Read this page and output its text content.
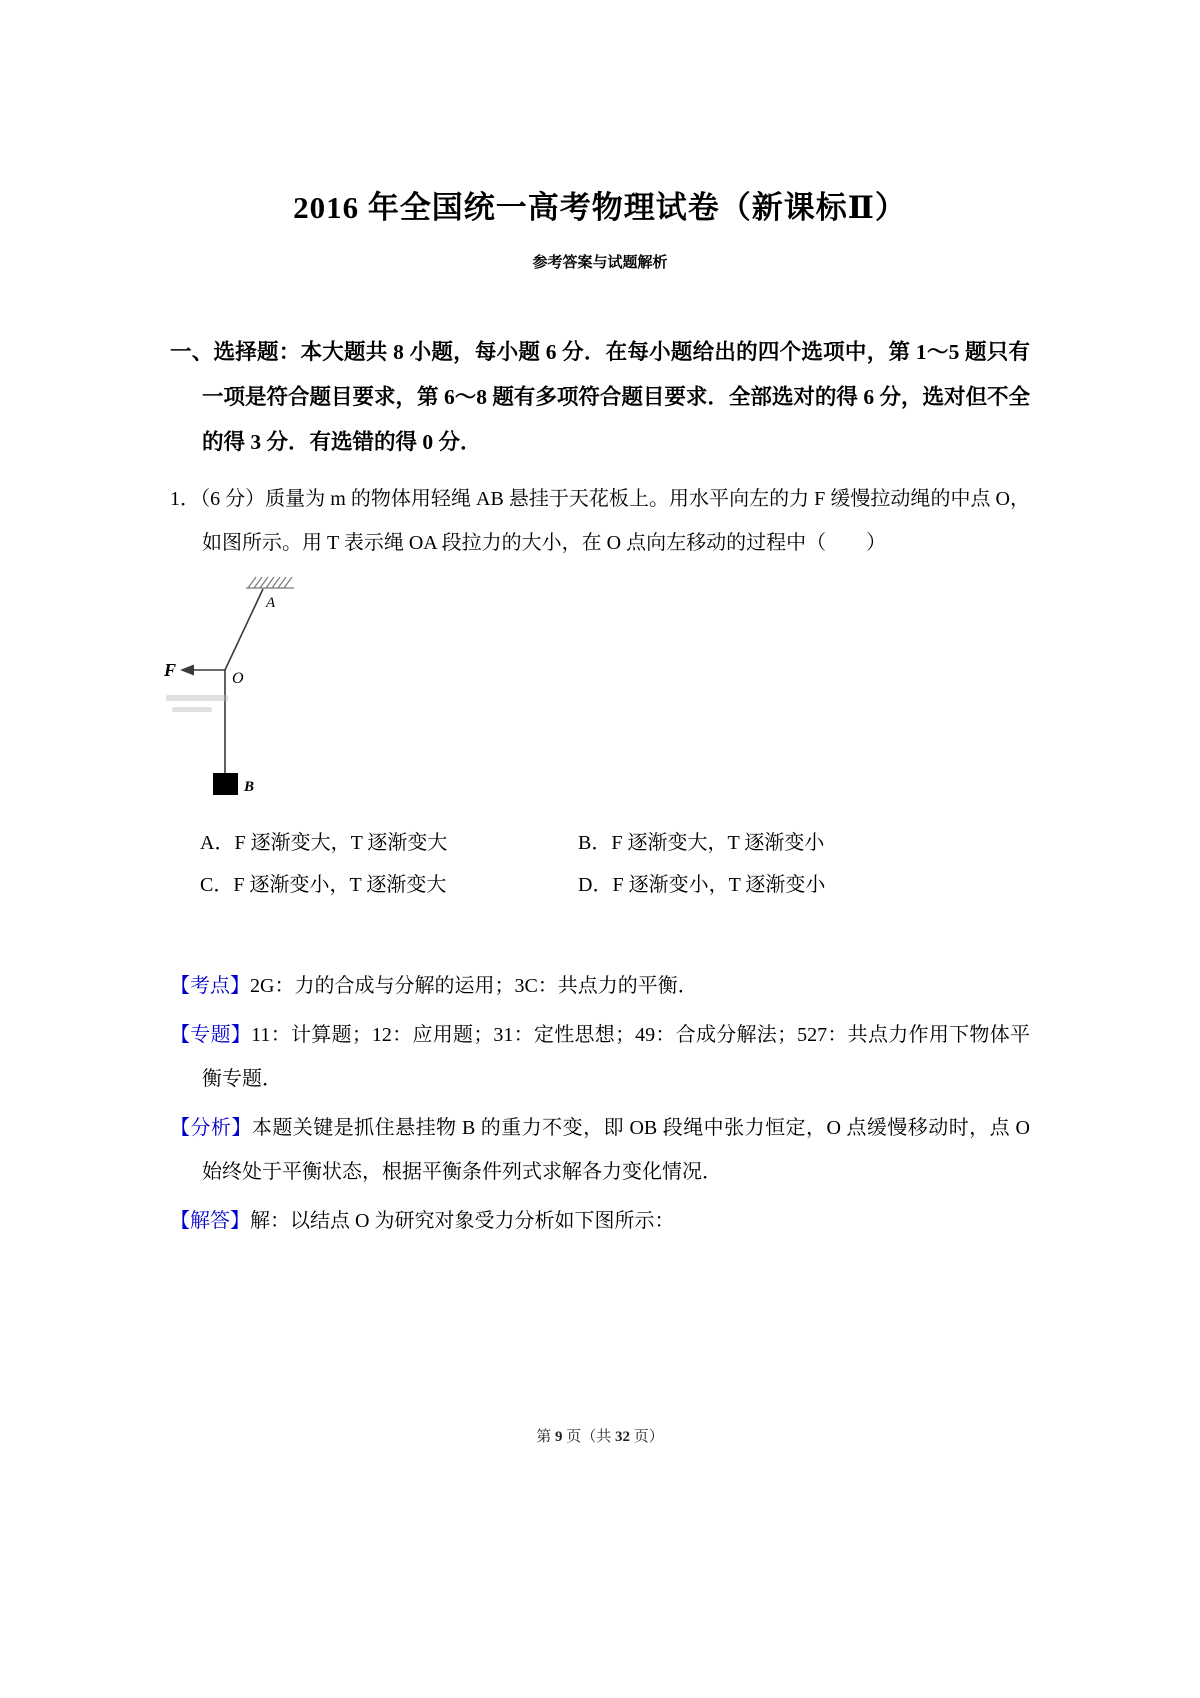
2016 年全国统一高考物理试卷（新课标Ⅱ）
参考答案与试题解析

一、选择题：本大题共 8 小题，每小题 6 分．在每小题给出的四个选项中，第 1～5 题只有一项是符合题目要求，第 6～8 题有多项符合题目要求．全部选对的得 6 分，选对但不全的得 3 分．有选错的得 0 分．

1．（6 分）质量为 m 的物体用轻绳 AB 悬挂于天花板上。用水平向左的力 F 缓慢拉动绳的中点 O，如图所示。用 T 表示绳 OA 段拉力的大小，在 O 点向左移动的过程中（　　）

A
F	O
B

A．F 逐渐变大，T 逐渐变大	B．F 逐渐变大，T 逐渐变小

C．F 逐渐变小，T 逐渐变大	D．F 逐渐变小，T 逐渐变小

【考点】2G：力的合成与分解的运用；3C：共点力的平衡．

【专题】11：计算题；12：应用题；31：定性思想；49：合成分解法；527：共点力作用下物体平衡专题．

【分析】本题关键是抓住悬挂物 B 的重力不变，即 OB 段绳中张力恒定，O 点缓慢移动时，点 O 始终处于平衡状态，根据平衡条件列式求解各力变化情况．

【解答】解：以结点 O 为研究对象受力分析如下图所示：

第 9 页（共 32 页）
